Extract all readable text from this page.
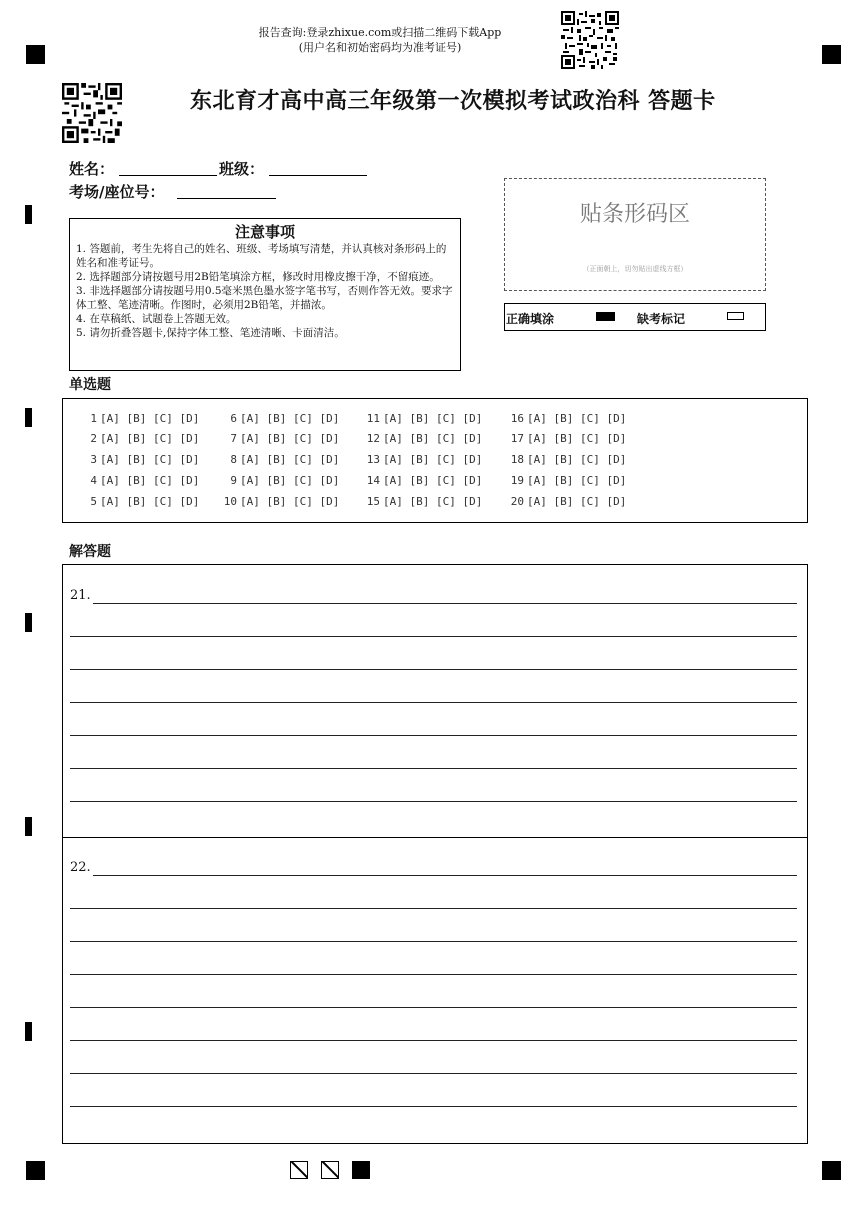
报告查询:登录zhixue.com或扫描二维码下载App
(用户名和初始密码均为准考证号)
东北育才高中高三年级第一次模拟考试政治科 答题卡
姓名：	班级：
考场/座位号：
注意事项
1. 答题前，考生先将自己的姓名、班级、考场填写清楚，并认真核对条形码上的姓名和准考证号。
2. 选择题部分请按题号用2B铅笔填涂方框，修改时用橡皮擦干净，不留痕迹。
3. 非选择题部分请按题号用0.5毫米黑色墨水签字笔书写，否则作答无效。要求字体工整、笔迹清晰。作图时，必须用2B铅笔，并描浓。
4. 在草稿纸、试题卷上答题无效。
5. 请勿折叠答题卡,保持字体工整、笔迹清晰、卡面清洁。
贴条形码区
（正面朝上，切勿贴出虚线方框）
正确填涂	缺考标记
单选题
1 [A] [B] [C] [D]
2 [A] [B] [C] [D]
3 [A] [B] [C] [D]
4 [A] [B] [C] [D]
5 [A] [B] [C] [D]
6 [A] [B] [C] [D]
7 [A] [B] [C] [D]
8 [A] [B] [C] [D]
9 [A] [B] [C] [D]
10 [A] [B] [C] [D]
11 [A] [B] [C] [D]
12 [A] [B] [C] [D]
13 [A] [B] [C] [D]
14 [A] [B] [C] [D]
15 [A] [B] [C] [D]
16 [A] [B] [C] [D]
17 [A] [B] [C] [D]
18 [A] [B] [C] [D]
19 [A] [B] [C] [D]
20 [A] [B] [C] [D]
解答题
21.
22.
